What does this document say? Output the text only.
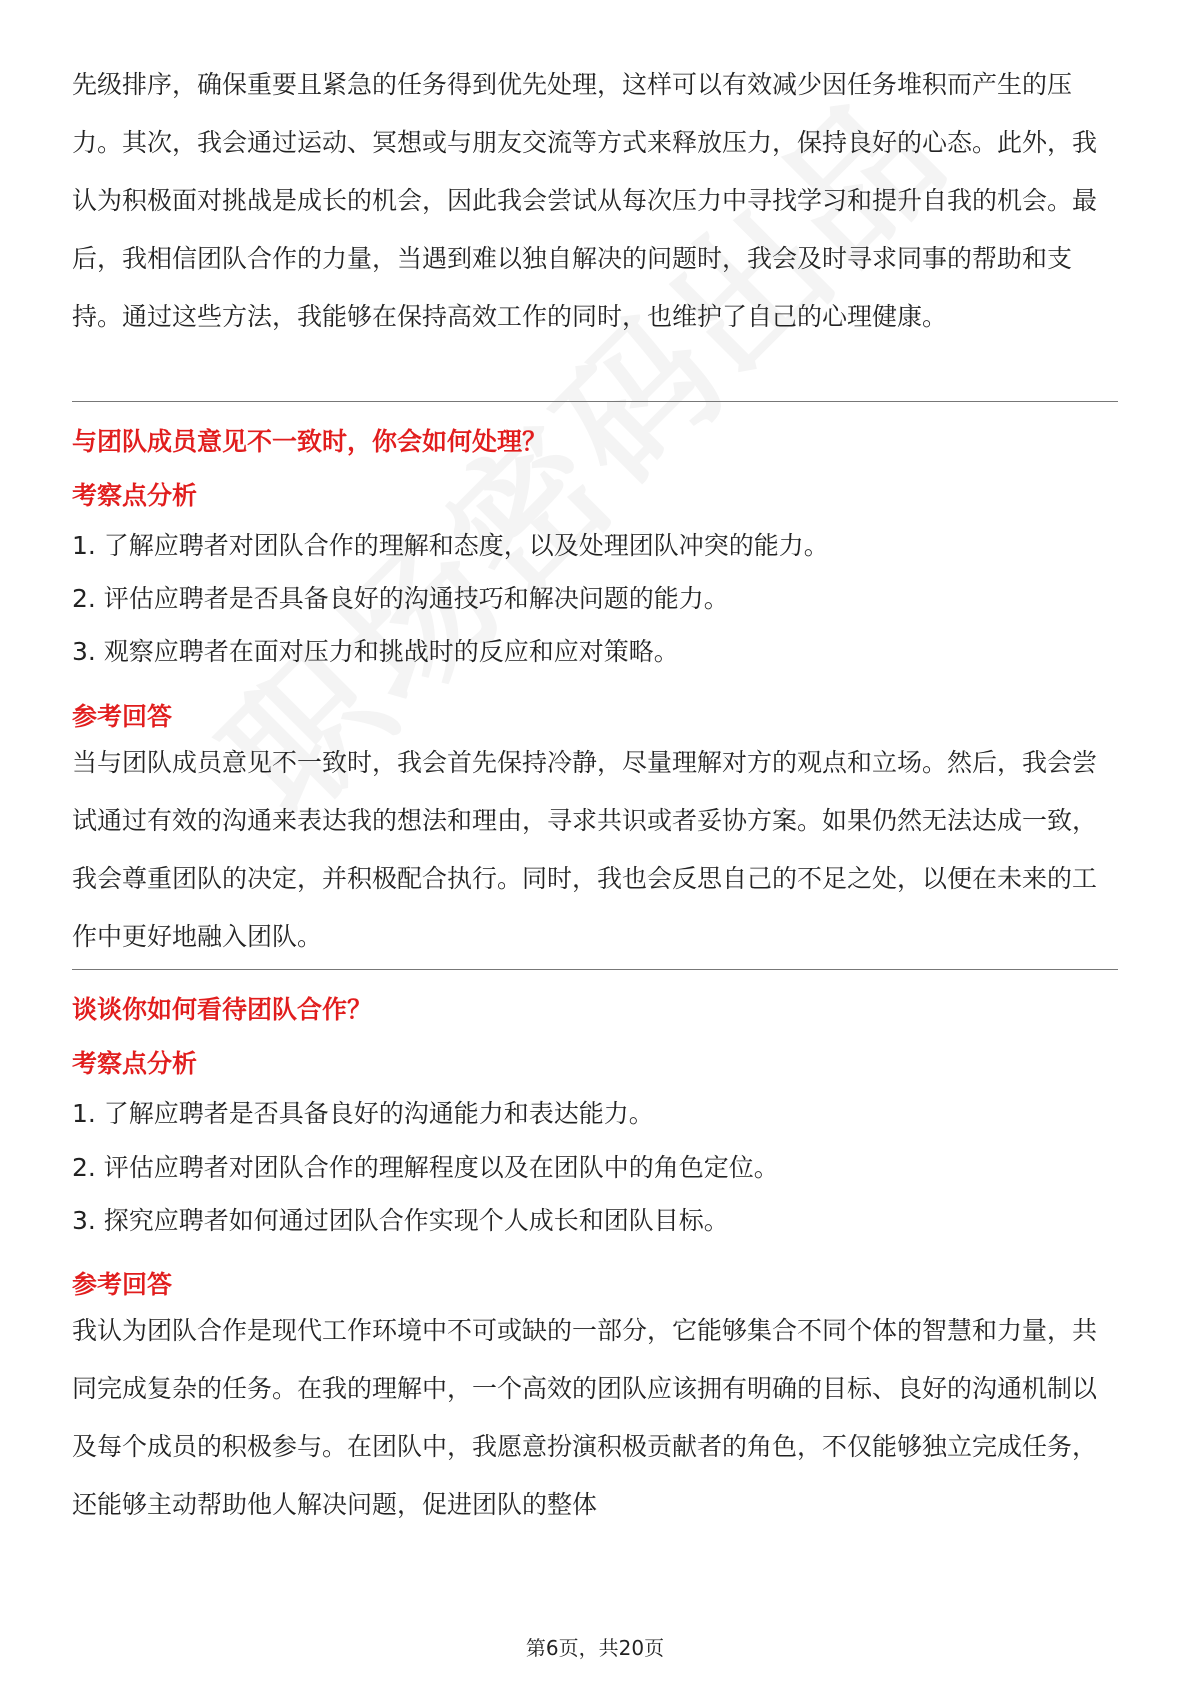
先级排序，确保重要且紧急的任务得到优先处理，这样可以有效减少因任务堆积而产生的压力。其次，我会通过运动、冥想或与朋友交流等方式来释放压力，保持良好的心态。此外，我认为积极面对挑战是成长的机会，因此我会尝试从每次压力中寻找学习和提升自我的机会。最后，我相信团队合作的力量，当遇到难以独自解决的问题时，我会及时寻求同事的帮助和支持。通过这些方法，我能够在保持高效工作的同时，也维护了自己的心理健康。

与团队成员意见不一致时，你会如何处理？
考察点分析
1. 了解应聘者对团队合作的理解和态度，以及处理团队冲突的能力。
2. 评估应聘者是否具备良好的沟通技巧和解决问题的能力。
3. 观察应聘者在面对压力和挑战时的反应和应对策略。
参考回答

当与团队成员意见不一致时，我会首先保持冷静，尽量理解对方的观点和立场。然后，我会尝试通过有效的沟通来表达我的想法和理由，寻求共识或者妥协方案。如果仍然无法达成一致，我会尊重团队的决定，并积极配合执行。同时，我也会反思自己的不足之处，以便在未来的工作中更好地融入团队。

谈谈你如何看待团队合作？
考察点分析
1. 了解应聘者是否具备良好的沟通能力和表达能力。
2. 评估应聘者对团队合作的理解程度以及在团队中的角色定位。
3. 探究应聘者如何通过团队合作实现个人成长和团队目标。
参考回答

我认为团队合作是现代工作环境中不可或缺的一部分，它能够集合不同个体的智慧和力量，共同完成复杂的任务。在我的理解中，一个高效的团队应该拥有明确的目标、良好的沟通机制以及每个成员的积极参与。在团队中，我愿意扮演积极贡献者的角色，不仅能够独立完成任务，还能够主动帮助他人解决问题，促进团队的整体

第6页，共20页
